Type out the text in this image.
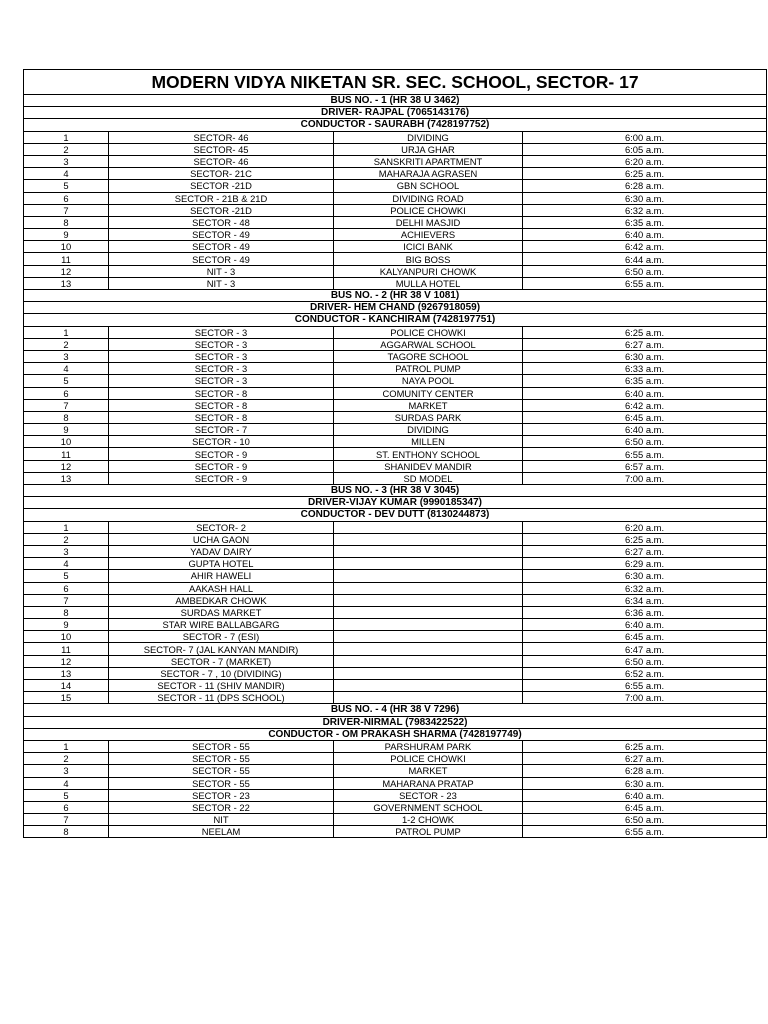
MODERN VIDYA NIKETAN SR. SEC. SCHOOL, SECTOR- 17			
BUS NO. - 1 (HR 38 U 3462)			
DRIVER- RAJPAL (7065143176)			
CONDUCTOR - SAURABH (7428197752)			
1	SECTOR- 46	DIVIDING	6:00 a.m.
2	SECTOR- 45	URJA GHAR	6:05 a.m.
3	SECTOR- 46	SANSKRITI APARTMENT	6:20 a.m.
4	SECTOR- 21C	MAHARAJA AGRASEN	6:25 a.m.
5	SECTOR -21D	GBN SCHOOL	6:28 a.m.
6	SECTOR - 21B & 21D	DIVIDING ROAD	6:30 a.m.
7	SECTOR -21D	POLICE CHOWKI	6:32 a.m.
8	SECTOR - 48	DELHI MASJID	6:35 a.m.
9	SECTOR - 49	ACHIEVERS	6:40 a.m.
10	SECTOR - 49	ICICI BANK	6:42 a.m.
11	SECTOR - 49	BIG BOSS	6:44 a.m.
12	NIT - 3	KALYANPURI CHOWK	6:50 a.m.
13	NIT - 3	MULLA HOTEL	6:55 a.m.
BUS NO. - 2 (HR 38 V 1081)			
DRIVER- HEM CHAND (9267918059)			
CONDUCTOR - KANCHIRAM (7428197751)			
1	SECTOR - 3	POLICE CHOWKI	6:25 a.m.
2	SECTOR - 3	AGGARWAL SCHOOL	6:27 a.m.
3	SECTOR - 3	TAGORE SCHOOL	6:30 a.m.
4	SECTOR - 3	PATROL PUMP	6:33 a.m.
5	SECTOR - 3	NAYA POOL	6:35 a.m.
6	SECTOR - 8	COMUNITY CENTER	6:40 a.m.
7	SECTOR - 8	MARKET	6:42 a.m.
8	SECTOR - 8	SURDAS PARK	6:45 a.m.
9	SECTOR - 7	DIVIDING	6:40 a.m.
10	SECTOR - 10	MILLEN	6:50 a.m.
11	SECTOR - 9	ST. ENTHONY SCHOOL	6:55 a.m.
12	SECTOR - 9	SHANIDEV MANDIR	6:57 a.m.
13	SECTOR - 9	SD MODEL	7:00 a.m.
BUS NO. - 3 (HR 38 V 3045)			
DRIVER-VIJAY KUMAR (9990185347)			
CONDUCTOR - DEV DUTT (8130244873)			
1	SECTOR- 2		6:20 a.m.
2	UCHA GAON		6:25 a.m.
3	YADAV DAIRY		6:27 a.m.
4	GUPTA HOTEL		6:29 a.m.
5	AHIR HAWELI		6:30 a.m.
6	AAKASH HALL		6:32 a.m.
7	AMBEDKAR CHOWK		6:34 a.m.
8	SURDAS MARKET		6:36 a.m.
9	STAR WIRE BALLABGARG		6:40 a.m.
10	SECTOR - 7 (ESI)		6:45 a.m.
11	SECTOR- 7 (JAL KANYAN MANDIR)		6:47 a.m.
12	SECTOR - 7 (MARKET)		6:50 a.m.
13	SECTOR - 7 , 10 (DIVIDING)		6:52 a.m.
14	SECTOR - 11 (SHIV MANDIR)		6:55 a.m.
15	SECTOR - 11 (DPS SCHOOL)		7:00 a.m.
BUS NO. - 4 (HR 38 V 7296)			
DRIVER-NIRMAL (7983422522)			
CONDUCTOR - OM PRAKASH SHARMA (7428197749)			
1	SECTOR - 55	PARSHURAM PARK	6:25 a.m.
2	SECTOR - 55	POLICE CHOWKI	6:27 a.m.
3	SECTOR - 55	MARKET	6:28 a.m.
4	SECTOR - 55	MAHARANA PRATAP	6:30 a.m.
5	SECTOR - 23	SECTOR - 23	6:40 a.m.
6	SECTOR - 22	GOVERNMENT SCHOOL	6:45 a.m.
7	NIT	1-2 CHOWK	6:50 a.m.
8	NEELAM	PATROL PUMP	6:55 a.m.
